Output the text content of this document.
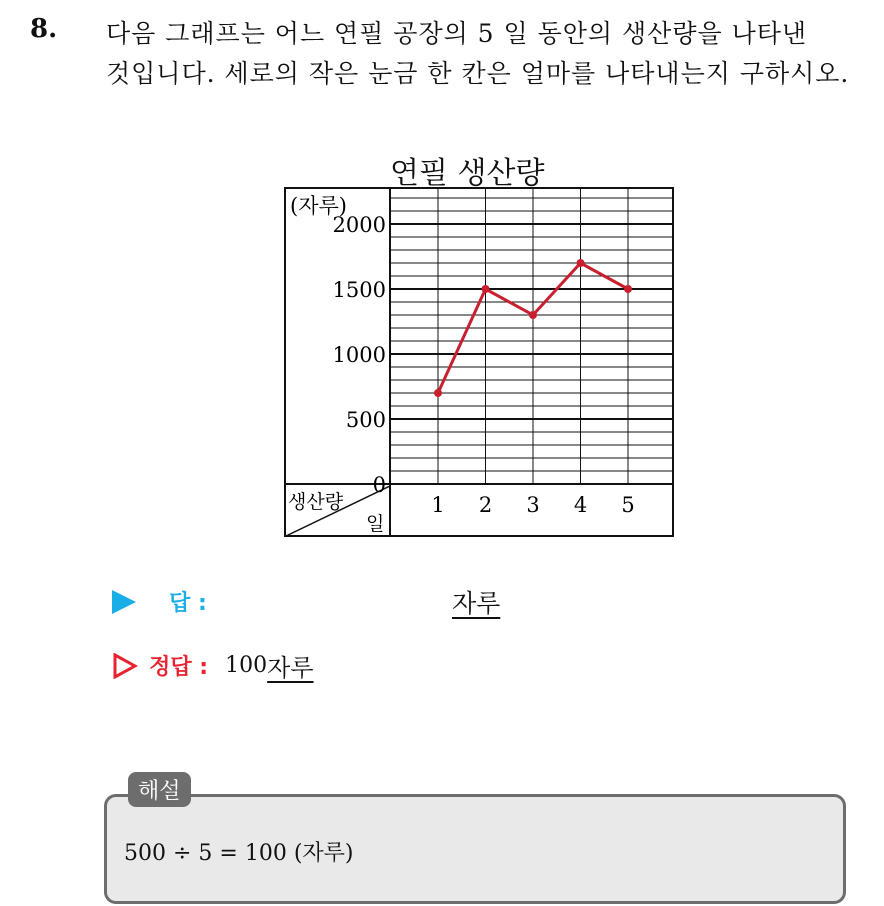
8. 다음 그래프는 어느 연필 공장의 5 일 동안의 생산량을 나타낸
것입니다. 세로의 작은 눈금 한 칸은 얼마를 나타내는지 구하시오.
연필 생산량
0
500
1000
1500
2000
1 2 3 4 5
(자루)
생산량
일
답 :	자루
정답 : 100자루
해설
500 ÷ 5 = 100 (자루)
